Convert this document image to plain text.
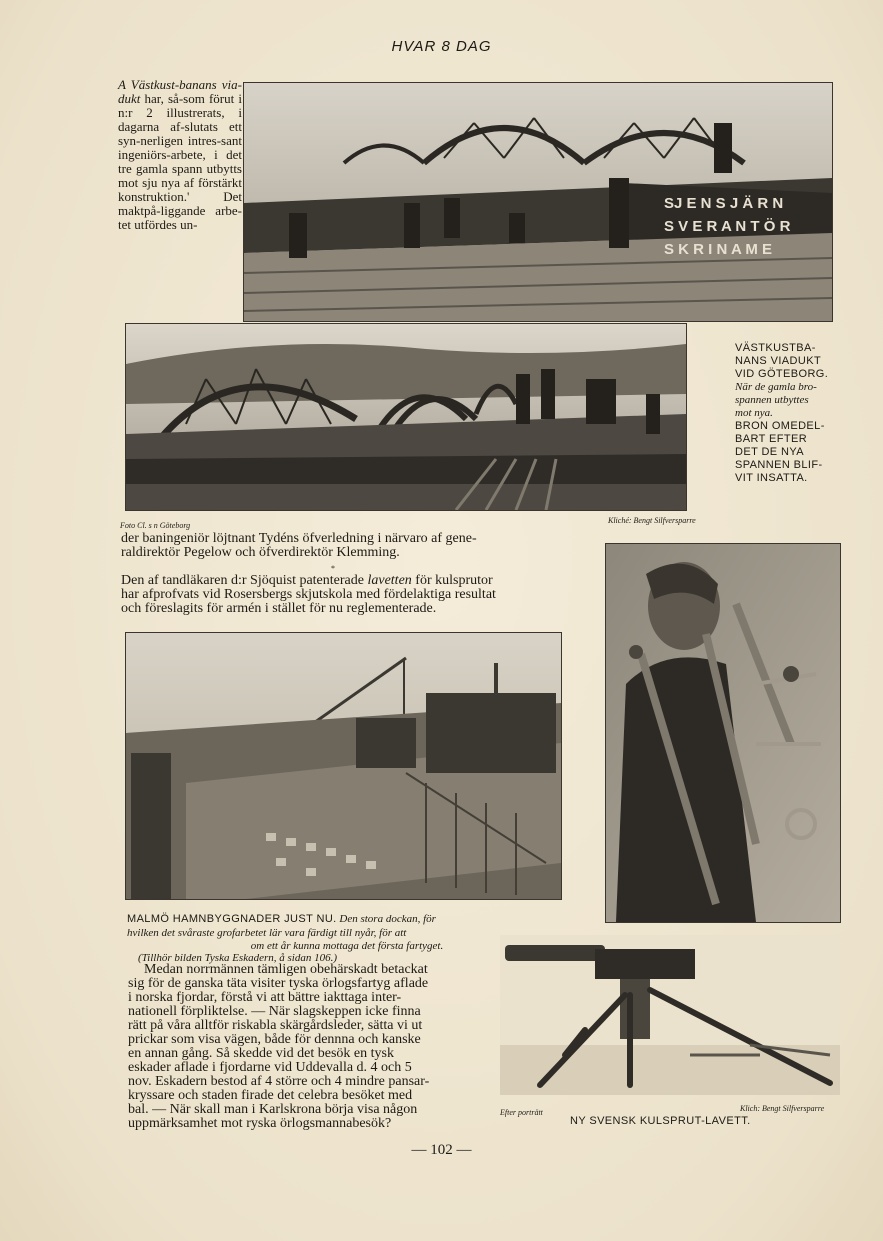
HVAR 8 DAG
A Västkust-banans via-dukt har, så-som förut i n:r 2 illustrerats, i dagarna af-slutats ett syn-nerligen intres-sant ingeniörs-arbete, i det tre gamla spann utbytts mot sju nya af förstärkt konstruktion.' Det maktpå-liggande arbe-tet utfördes un-
SJ E N S J Ä R N
S V E R A N T Ö R
S K R I N A M E
VÄSTKUSTBA-
NANS VIADUKT
VID GÖTEBORG.
När de gamla bro-
spannen utbyttes
mot nya.
BRON OMEDEL-
BART EFTER
DET DE NYA
SPANNEN BLIF-
VIT INSATTA.
Foto Cl. s n Göteborg
Kliché: Bengt Silfversparre
der baningeniör löjtnant Tydéns öfverledning i närvaro af gene-
raldirektör Pegelow och öfverdirektör Klemming.
*
Den af tandläkaren d:r Sjöquist patenterade lavetten för kulsprutor
har afprofvats vid Rosersbergs skjutskola med fördelaktiga resultat
och föreslagits för armén i stället för nu reglementerade.
MALMÖ HAMNBYGGNADER JUST NU. Den stora dockan, för
hvilken det svåraste grofarbetet lär vara färdigt till nyår, för att
om ett år kunna mottaga det första fartyget.
(Tillhör bilden Tyska Eskadern, å sidan 106.)
Medan norrmännen tämligen obehärskadt betackat
sig för de ganska täta visiter tyska örlogsfartyg aflade
i norska fjordar, förstå vi att bättre iakttaga inter-
nationell förpliktelse. — När slagskeppen icke finna
rätt på våra alltför riskabla skärgårdsleder, sätta vi ut
prickar som visa vägen, både för dennna och kanske
en annan gång. Så skedde vid det besök en tysk
eskader aflade i fjordarne vid Uddevalla d. 4 och 5
nov. Eskadern bestod af 4 större och 4 mindre pansar-
kryssare och staden firade det celebra besöket med
bal. — När skall man i Karlskrona börja visa någon
uppmärksamhet mot ryska örlogsmannabesök?
Efter porträtt	Klich: Bengt Silfversparre
NY SVENSK KULSPRUT-LAVETT.
— 102 —
